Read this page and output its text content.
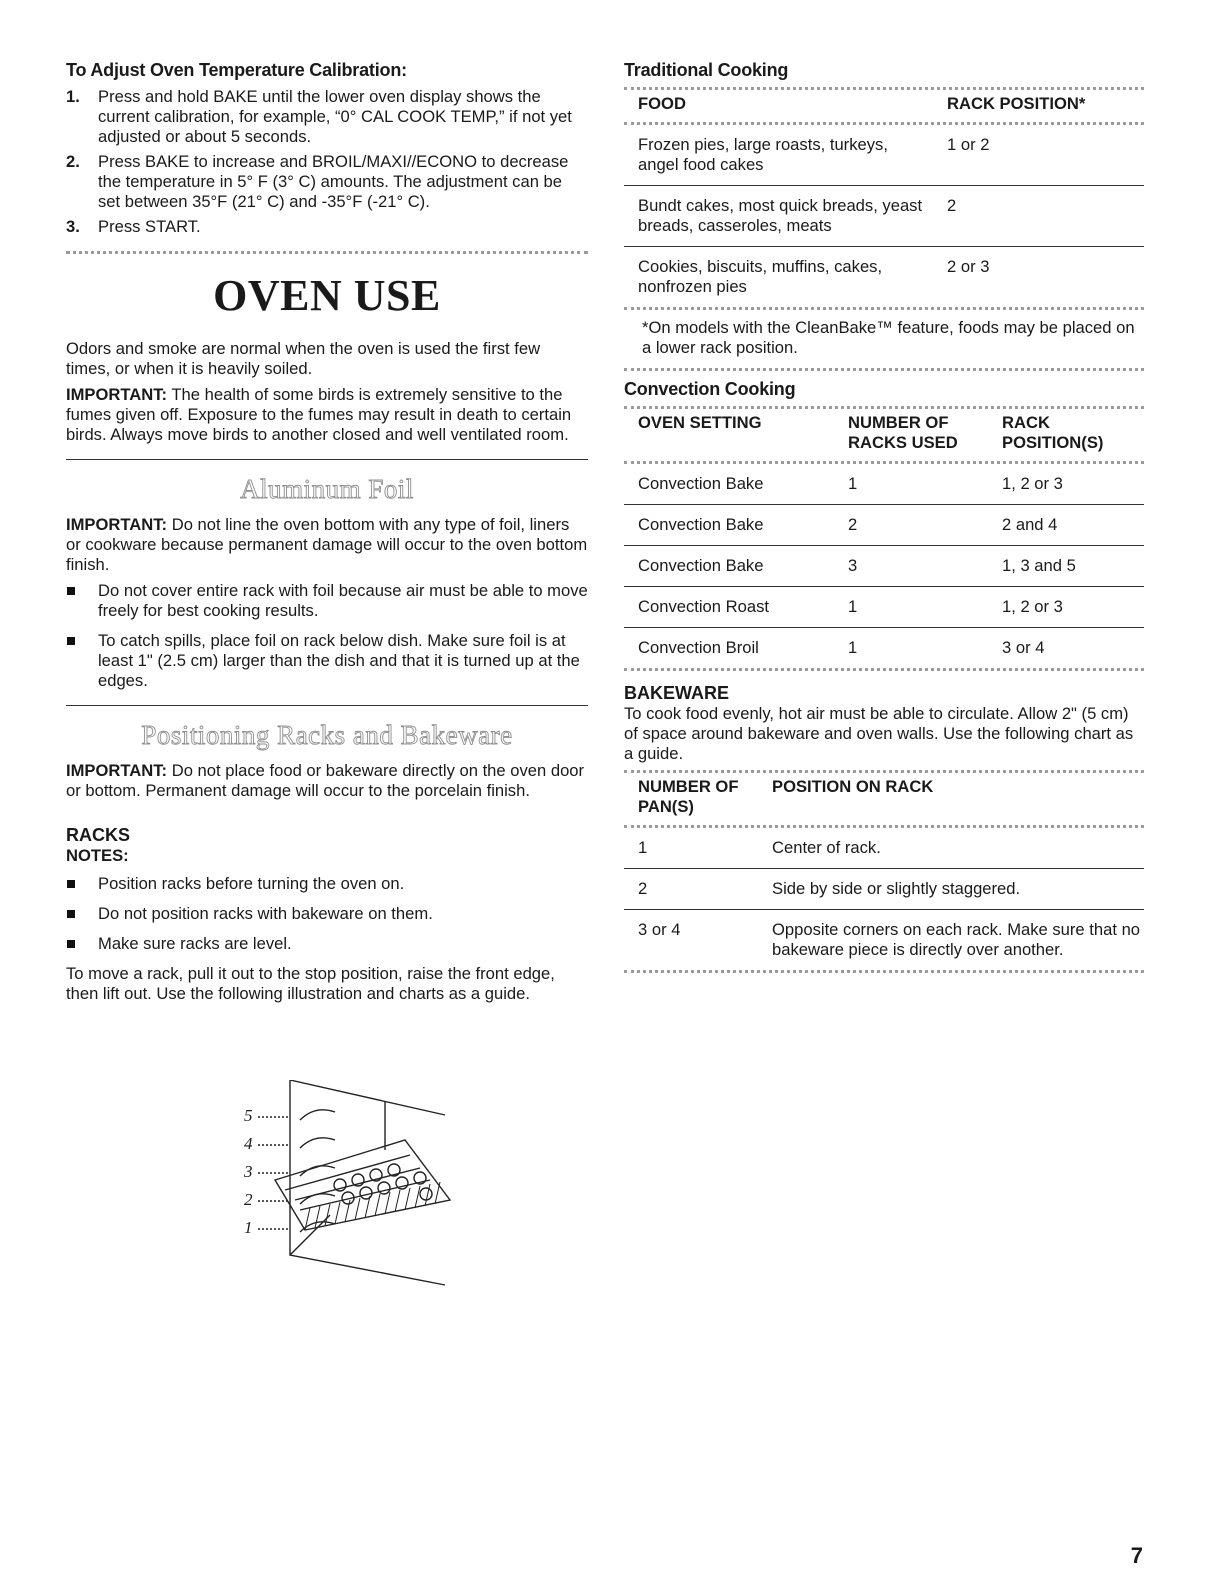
To Adjust Oven Temperature Calibration:
1.	Press and hold BAKE until the lower oven display shows the current calibration, for example, “0° CAL COOK TEMP,” if not yet adjusted or about 5 seconds.
2.	Press BAKE to increase and BROIL/MAXI//ECONO to decrease the temperature in 5° F (3° C) amounts. The adjustment can be set between 35°F (21° C) and -35°F (-21° C).
3.	Press START.
OVEN USE

Odors and smoke are normal when the oven is used the first few times, or when it is heavily soiled.

IMPORTANT: The health of some birds is extremely sensitive to the fumes given off. Exposure to the fumes may result in death to certain birds. Always move birds to another closed and well ventilated room.

Aluminum Foil

IMPORTANT: Do not line the oven bottom with any type of foil, liners or cookware because permanent damage will occur to the oven bottom finish.

Do not cover entire rack with foil because air must be able to move freely for best cooking results.
To catch spills, place foil on rack below dish. Make sure foil is at least 1" (2.5 cm) larger than the dish and that it is turned up at the edges.
Positioning Racks and Bakeware

IMPORTANT: Do not place food or bakeware directly on the oven door or bottom. Permanent damage will occur to the porcelain finish.

RACKS
NOTES:
Position racks before turning the oven on.
Do not position racks with bakeware on them.
Make sure racks are level.

To move a rack, pull it out to the stop position, raise the front edge, then lift out. Use the following illustration and charts as a guide.

5
4
3
2
1
Traditional Cooking
FOOD	RACK POSITION*

Frozen pies, large roasts, turkeys, angel food cakes	1 or 2
Bundt cakes, most quick breads, yeast breads, casseroles, meats	2
Cookies, biscuits, muffins, cakes, nonfrozen pies	2 or 3
*On models with the CleanBake™ feature, foods may be placed on a lower rack position.
Convection Cooking
OVEN SETTING	NUMBER OF RACKS USED	RACK POSITION(S)

Convection Bake	1	1, 2 or 3
Convection Bake	2	2 and 4
Convection Bake	3	1, 3 and 5
Convection Roast	1	1, 2 or 3
Convection Broil	1	3 or 4
BAKEWARE

To cook food evenly, hot air must be able to circulate. Allow 2" (5 cm) of space around bakeware and oven walls. Use the following chart as a guide.

NUMBER OF PAN(S)	POSITION ON RACK

1	Center of rack.
2	Side by side or slightly staggered.
3 or 4	Opposite corners on each rack. Make sure that no bakeware piece is directly over another.
7
